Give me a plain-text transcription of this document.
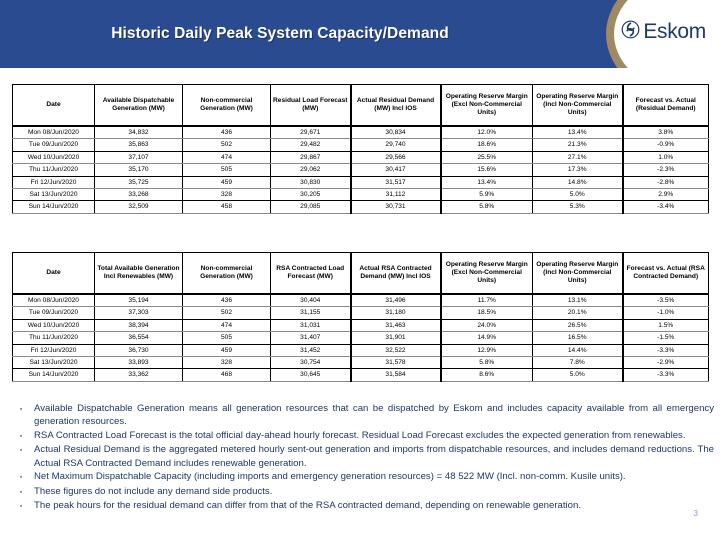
Historic Daily Peak System Capacity/Demand	Eskom
Date	Available Dispatchable Generation (MW)	Non-commercial Generation (MW)	Residual Load Forecast (MW)	Actual Residual Demand (MW) Incl IOS	Operating Reserve Margin (Excl Non-Commercial Units)	Operating Reserve Margin (Incl Non-Commercial Units)	Forecast vs. Actual (Residual Demand)
Mon 08/Jun/2020	34,832	436	29,671	30,834	12.0%	13.4%	3.8%
Tue 09/Jun/2020	35,863	502	29,482	29,740	18.6%	21.3%	-0.9%
Wed 10/Jun/2020	37,107	474	29,867	29,566	25.5%	27.1%	1.0%
Thu 11/Jun/2020	35,170	505	29,062	30,417	15.6%	17.3%	-2.3%
Fri 12/Jun/2020	35,725	459	30,830	31,517	13.4%	14.8%	-2.8%
Sat 13/Jun/2020	33,268	328	30,205	31,112	5.9%	5.0%	2.9%
Sun 14/Jun/2020	32,509	458	29,085	30,731	5.8%	5.3%	-3.4%
Date	Total Available Generation Incl Renewables (MW)	Non-commercial Generation (MW)	RSA Contracted Load Forecast (MW)	Actual RSA Contracted Demand (MW) Incl IOS	Operating Reserve Margin (Excl Non-Commercial Units)	Operating Reserve Margin (Incl Non-Commercial Units)	Forecast vs. Actual (RSA Contracted Demand)
Mon 08/Jun/2020	35,194	436	30,404	31,496	11.7%	13.1%	-3.5%
Tue 09/Jun/2020	37,303	502	31,155	31,180	18.5%	20.1%	-1.0%
Wed 10/Jun/2020	38,394	474	31,031	31,463	24.0%	26.5%	1.5%
Thu 11/Jun/2020	36,554	505	31,407	31,901	14.9%	16.5%	-1.5%
Fri 12/Jun/2020	36,730	459	31,452	32,522	12.9%	14.4%	-3.3%
Sat 13/Jun/2020	33,893	328	30,754	31,578	5.8%	7.8%	-2.9%
Sun 14/Jun/2020	33,362	468	30,645	31,584	8.6%	5.0%	-3.3%
▪	Available Dispatchable Generation means all generation resources that can be dispatched by Eskom and includes capacity available from all emergency generation resources.
▪	RSA Contracted Load Forecast is the total official day-ahead hourly forecast. Residual Load Forecast excludes the expected generation from renewables.
▪	Actual Residual Demand is the aggregated metered hourly sent-out generation and imports from dispatchable resources, and includes demand reductions. The Actual RSA Contracted Demand includes renewable generation.
▪	Net Maximum Dispatchable Capacity (including imports and emergency generation resources) = 48 522 MW (Incl. non-comm. Kusile units).
▪	These figures do not include any demand side products.
▪	The peak hours for the residual demand can differ from that of the RSA contracted demand, depending on renewable generation.
3
